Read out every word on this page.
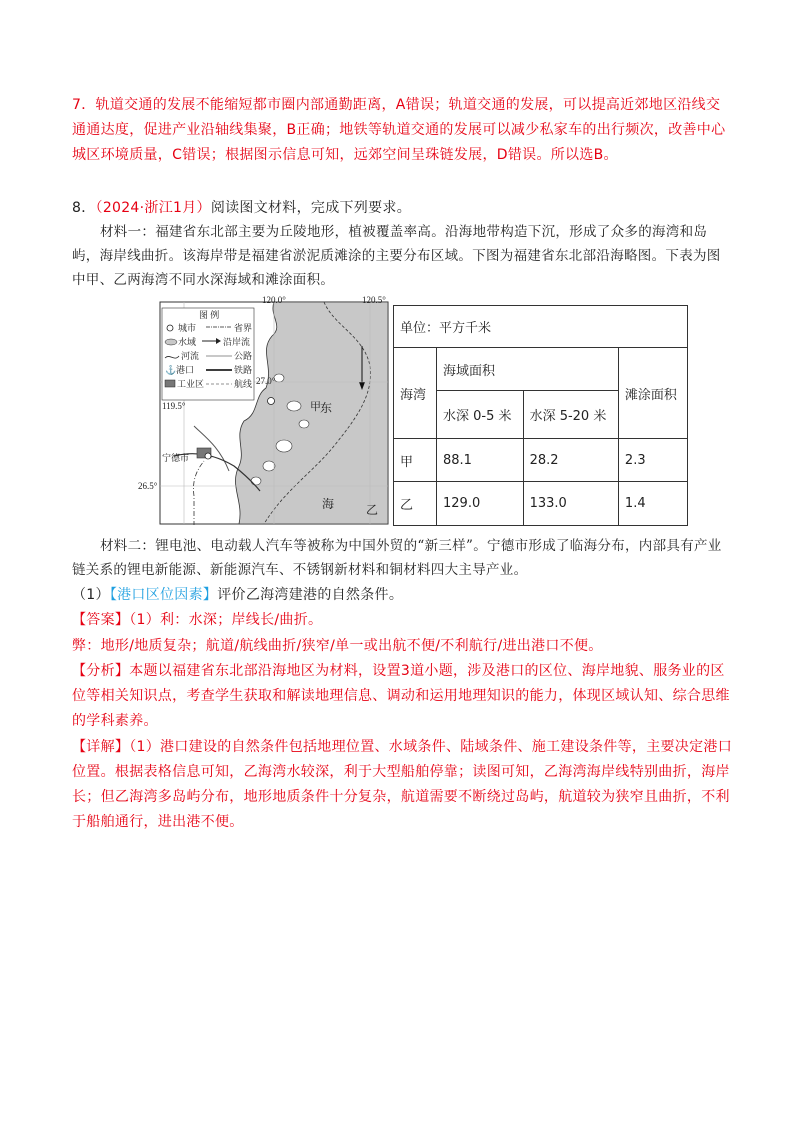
7．轨道交通的发展不能缩短都市圈内部通勤距离，A错误；轨道交通的发展，可以提高近郊地区沿线交通通达度，促进产业沿轴线集聚，B正确；地铁等轨道交通的发展可以减少私家车的出行频次，改善中心城区环境质量，C错误；根据图示信息可知，远郊空间呈珠链发展，D错误。所以选B。
8．（2024·浙江1月）阅读图文材料，完成下列要求。
材料一：福建省东北部主要为丘陵地形，植被覆盖率高。沿海地带构造下沉，形成了众多的海湾和岛屿，海岸线曲折。该海岸带是福建省淤泥质滩涂的主要分布区域。下图为福建省东北部沿海略图。下表为图中甲、乙两海湾不同水深海域和滩涂面积。
图 例
城市	省界
水域	沿岸流
河流	公路
⚓ 港口	铁路
工业区	航线
120.0°	120.5°
119.5°
27.0°
26.5°
宁德市
甲 东
乙
海
单位：平方千米			
海湾	海域面积		滩涂面积
	水深 0-5 米	水深 5-20 米	
甲	88.1	28.2	2.3
乙	129.0	133.0	1.4
材料二：锂电池、电动载人汽车等被称为中国外贸的“新三样”。宁德市形成了临海分布，内部具有产业链关系的锂电新能源、新能源汽车、不锈钢新材料和铜材料四大主导产业。
（1）【港口区位因素】评价乙海湾建港的自然条件。
【答案】（1）利：水深；岸线长/曲折。
弊：地形/地质复杂；航道/航线曲折/狭窄/单一或出航不便/不利航行/进出港口不便。
【分析】本题以福建省东北部沿海地区为材料，设置3道小题，涉及港口的区位、海岸地貌、服务业的区位等相关知识点，考查学生获取和解读地理信息、调动和运用地理知识的能力，体现区域认知、综合思维的学科素养。
【详解】（1）港口建设的自然条件包括地理位置、水域条件、陆域条件、施工建设条件等，主要决定港口位置。根据表格信息可知，乙海湾水较深，利于大型船舶停靠；读图可知，乙海湾海岸线特别曲折，海岸长；但乙海湾多岛屿分布，地形地质条件十分复杂，航道需要不断绕过岛屿，航道较为狭窄且曲折，不利于船舶通行，进出港不便。
